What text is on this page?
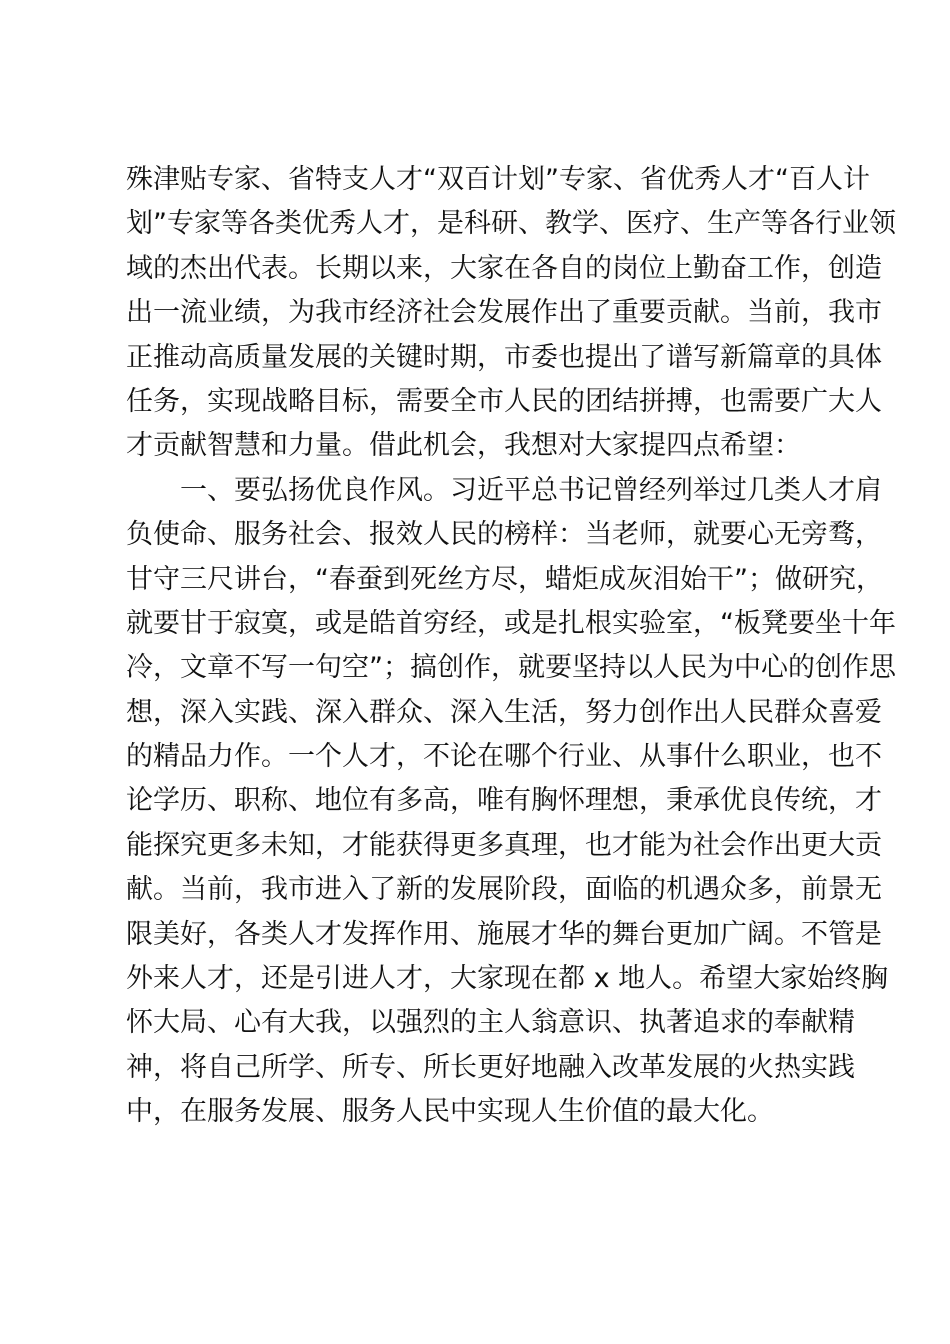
殊津贴专家、省特支人才“双百计划”专家、省优秀人才“百人计
划”专家等各类优秀人才，是科研、教学、医疗、生产等各行业领
域的杰出代表。长期以来，大家在各自的岗位上勤奋工作，创造
出一流业绩，为我市经济社会发展作出了重要贡献。当前，我市
正推动高质量发展的关键时期，市委也提出了谱写新篇章的具体
任务，实现战略目标，需要全市人民的团结拼搏，也需要广大人
才贡献智慧和力量。借此机会，我想对大家提四点希望：
一、要弘扬优良作风。习近平总书记曾经列举过几类人才肩
负使命、服务社会、报效人民的榜样：当老师，就要心无旁骛，
甘守三尺讲台，“春蚕到死丝方尽，蜡炬成灰泪始干”；做研究，
就要甘于寂寞，或是皓首穷经，或是扎根实验室，“板凳要坐十年
冷，文章不写一句空”；搞创作，就要坚持以人民为中心的创作思
想，深入实践、深入群众、深入生活，努力创作出人民群众喜爱
的精品力作。一个人才，不论在哪个行业、从事什么职业，也不
论学历、职称、地位有多高，唯有胸怀理想，秉承优良传统，才
能探究更多未知，才能获得更多真理，也才能为社会作出更大贡
献。当前，我市进入了新的发展阶段，面临的机遇众多，前景无
限美好，各类人才发挥作用、施展才华的舞台更加广阔。不管是
外来人才，还是引进人才，大家现在都 x 地人。希望大家始终胸
怀大局、心有大我，以强烈的主人翁意识、执著追求的奉献精
神，将自己所学、所专、所长更好地融入改革发展的火热实践
中，在服务发展、服务人民中实现人生价值的最大化。
